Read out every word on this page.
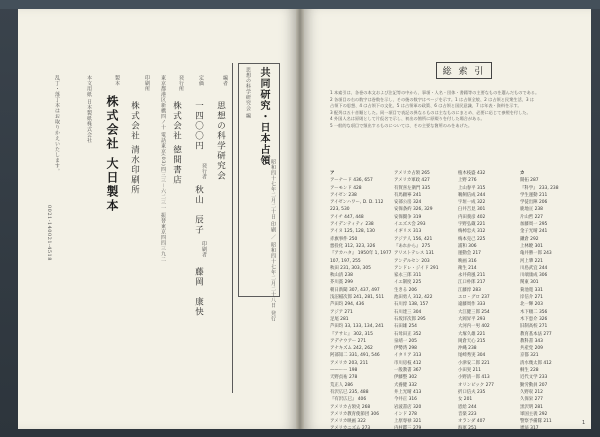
共同研究・日本占領
思想の科学研究会 編
昭和四十七年二月二十日 印刷 ／ 昭和四十七年二月二十八日 発行
編者
思想の科学研究会
定価
一四〇〇円
発行者
秋山　辰子
印刷者
藤岡　康快
発行所
株式会社 徳間書店
東京都港区新橋四ノ十 電話東京(03)四三三－六二三一 振替東京四四三九二
印刷所
株式会社 清水印刷所
製本
株式会社 大日製本
本文用紙 日本製紙株式会社
乱丁・落丁本はお取りかえいたします。
0021-140021-4518
総 索 引
1 本索引は、各巻の本文および注記等の中から、事項・人名・団体・書籍等の主要なものを選んだものである。
2 各項目の右の数字は巻数を示し、その後の数字はページを示す。1 は占領全般、2 は占領と民衆生活、3 は
占領下の思想、4 は占領下の文化、5 は占領軍の政策、6 は占領と国民意識、7 は年表・資料を示す。
3 配列は五十音順とした。同一項目で表記の異なるものは主なものにまとめ、必要に応じて参照を付した。
4 外国人名は原則として片仮名で示し、初出の箇所に原綴りを付した場合がある。
5 一般的な項目で頻出するものについては、その主要な箇所のみをあげた。
ア
アーナード 436, 657
アーモンド 428
アイゼン 238
アイゼンハワー, D. D. 112
223, 530
アイチ 447, 448
アイデンティティ 238
アイヌ 125, 128, 130
赤旗事件 250
悪役化 312, 323, 326
『アカハタ』 1950年 1, 1977
107, 197, 255
秋田 231, 303, 305
秋山清 238
芥川賞 299
朝日新聞 307, 437, 497
浅沼稲次郎 241, 281, 511
芦田均 294, 436
アジア 271
足尾 281
芦田均 33, 133, 134, 241
『アサヒ』 302, 315
アデナウアー 271
アナキズム 242, 262
阿部知二 331, 491, 546
アメリカ 203, 211
——ーー 198
天野貞祐 278
荒正人 286
有沢広巳 235, 488
『有沢広巳』 406
アメリカ占領史 268
アメリカ教育使節団 306
アメリカ映画 322
アメリカニズム 273
アメリカ占領 265
アメリカ軍政 427
有賀喜左衛門 335
有馬頼寧 241
安部公房 324
安保条約 326, 329
安保闘争 319
イエズス会 293
イギリス 313
アジア人 156, 421
『あれから』 275
アリストテレス 131
アンデルセン 203
アンドレ・ジイド 291
家永三郎 311
イエ制度 225
生きる 206
池田勇人 312, 422
石川淳 138, 157
石川達三 304
石坂洋次郎 295
石田雄 254
石母田正 352
泉靖一 205
伊勢湾 298
イタリア 313
市川房枝 412
一般教書 367
伊藤整 302
犬養健 332
井上光晴 413
今井正 316
岩波書店 320
インド 278
上原専禄 321
内村鑑三 279
植木枝盛 432
上野 276
上山春平 315
鵜飼信成 244
宇垣一成 322
臼井吉見 301
内田義彦 402
宇野弘蔵 221
梅棹忠夫 312
梅本克己 225
浦和 306
運動会 217
映画 316
衛生 214
永井荷風 211
江口朴郎 217
江藤淳 283
エロ・グロ 237
遠藤周作 333
大江健三郎 254
大岡昇平 293
大河内一男 402
大塚久雄 221
岡倉天心 215
沖縄 238
尾崎秀実 304
小津安二郎 221
小田実 211
小野清一郎 413
オリンピック 277
折口信夫 235
女 201
恩給 244
音楽 223
オランダ 407
海軍 251
カ
開拓 287
『科学』 233, 238
学生運動 211
学徒出陣 206
鹿地亘 238
片山哲 227
加藤周一 295
金子光晴 241
鎌倉 292
上林暁 301
亀井勝一郎 243
河上肇 221
川島武宜 244
川端康成 306
関東 301
菊池寛 331
岸信介 271
北一輝 203
木下順二 356
木下恵介 326
旧制高校 271
教育基本法 277
教科書 343
共産党 209
京都 321
清水幾太郎 412
桐生 228
近代文学 233
勤労動員 207
久野収 212
久保栄 277
黒沢明 281
軍国主義 292
警察予備隊 211
憲法 317
1
